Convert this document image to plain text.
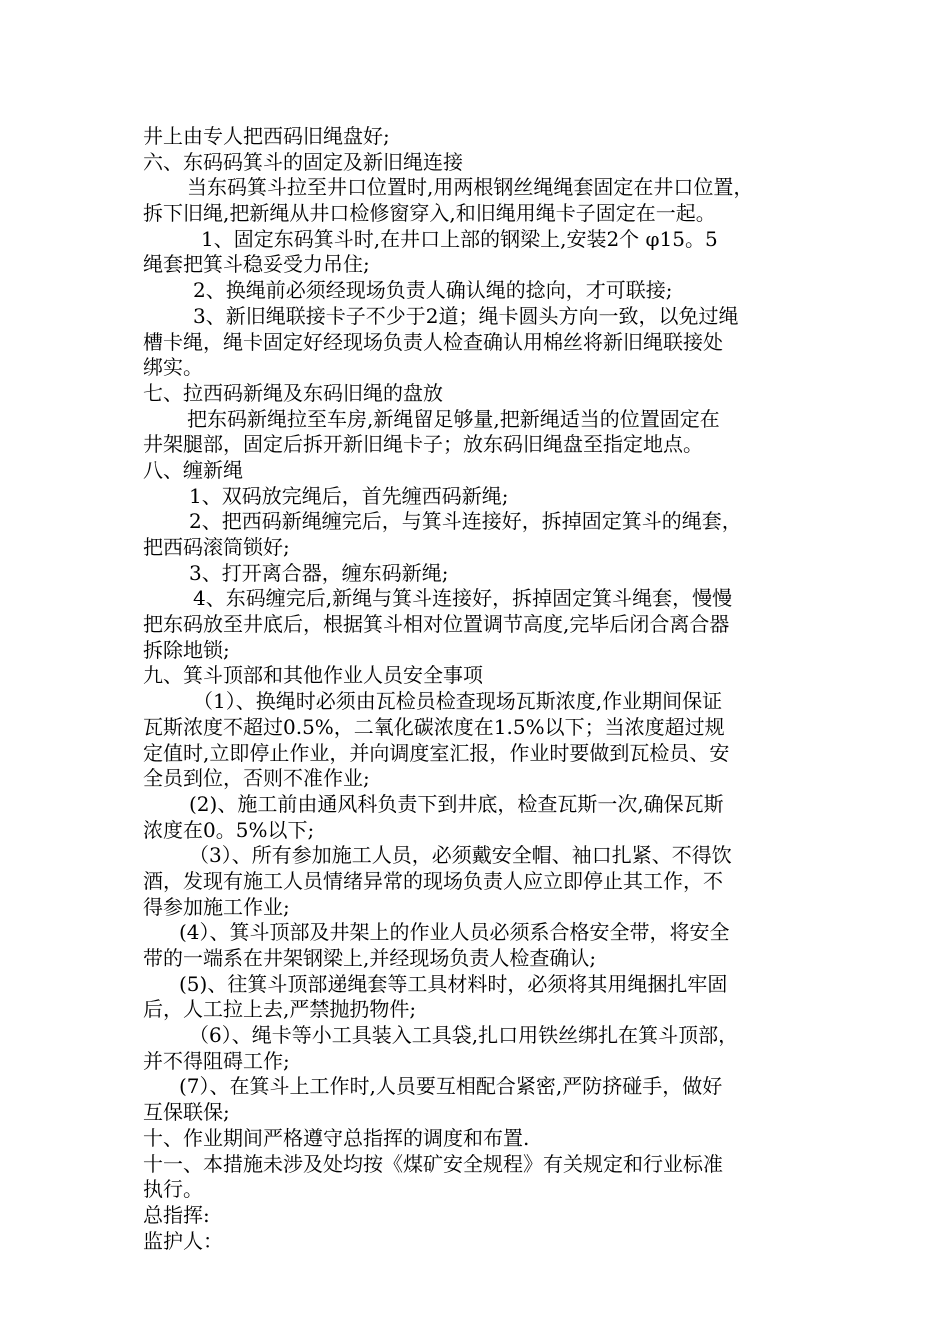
井上由专人把西码旧绳盘好;
六、东码码箕斗的固定及新旧绳连接
当东码箕斗拉至井口位置时,用两根钢丝绳绳套固定在井口位置，
拆下旧绳,把新绳从井口检修窗穿入,和旧绳用绳卡子固定在一起。
1、固定东码箕斗时,在井口上部的钢梁上,安装2个 φ15。5
绳套把箕斗稳妥受力吊住;
2、换绳前必须经现场负责人确认绳的捻向，才可联接;
3、新旧绳联接卡子不少于2道；绳卡圆头方向一致，以免过绳
槽卡绳，绳卡固定好经现场负责人检查确认用棉丝将新旧绳联接处
绑实。
七、拉西码新绳及东码旧绳的盘放
把东码新绳拉至车房,新绳留足够量,把新绳适当的位置固定在
井架腿部，固定后拆开新旧绳卡子；放东码旧绳盘至指定地点。
八、缠新绳
1、双码放完绳后，首先缠西码新绳;
2、把西码新绳缠完后，与箕斗连接好，拆掉固定箕斗的绳套，
把西码滚筒锁好;
3、打开离合器，缠东码新绳;
4、东码缠完后,新绳与箕斗连接好，拆掉固定箕斗绳套，慢慢
把东码放至井底后，根据箕斗相对位置调节高度,完毕后闭合离合器
拆除地锁;
九、箕斗顶部和其他作业人员安全事项
（1）、换绳时必须由瓦检员检查现场瓦斯浓度,作业期间保证
瓦斯浓度不超过0.5%，二氧化碳浓度在1.5%以下；当浓度超过规
定值时,立即停止作业，并向调度室汇报，作业时要做到瓦检员、安
全员到位，否则不准作业;
(2)、施工前由通风科负责下到井底，检查瓦斯一次,确保瓦斯
浓度在0。5%以下;
（3）、所有参加施工人员，必须戴安全帽、袖口扎紧、不得饮
酒，发现有施工人员情绪异常的现场负责人应立即停止其工作，不
得参加施工作业;
(4）、箕斗顶部及井架上的作业人员必须系合格安全带，将安全
带的一端系在井架钢梁上,并经现场负责人检查确认;
(5)、往箕斗顶部递绳套等工具材料时，必须将其用绳捆扎牢固
后，人工拉上去,严禁抛扔物件;
（6）、绳卡等小工具装入工具袋,扎口用铁丝绑扎在箕斗顶部，
并不得阻碍工作;
(7）、在箕斗上工作时,人员要互相配合紧密,严防挤碰手，做好
互保联保;
十、作业期间严格遵守总指挥的调度和布置.
十一、本措施未涉及处均按《煤矿安全规程》有关规定和行业标准
执行。
总指挥:
监护人：
